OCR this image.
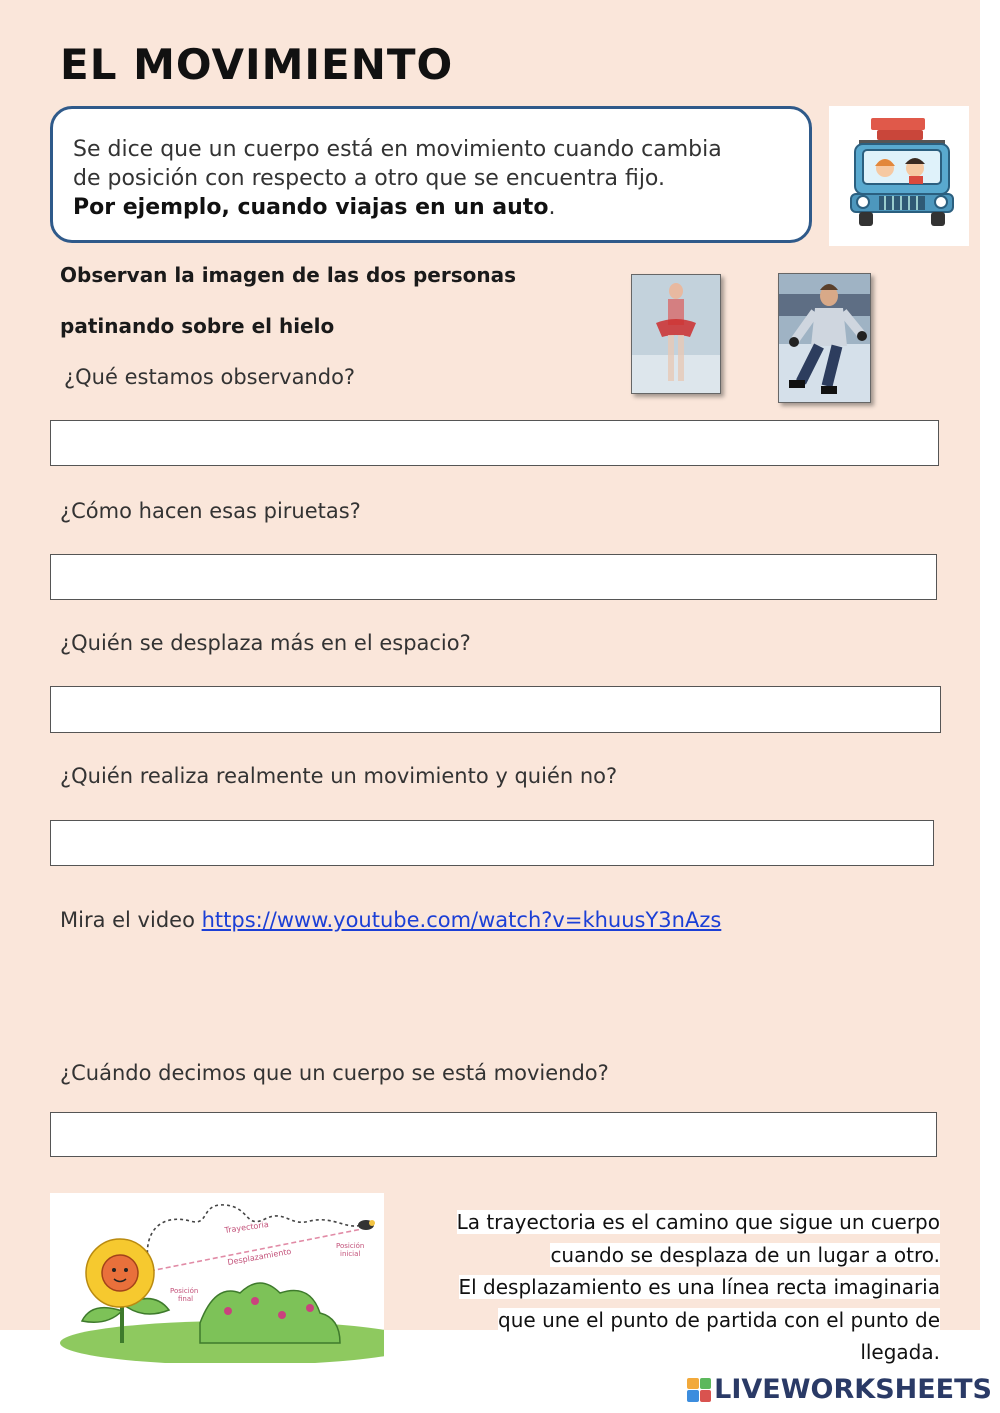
EL MOVIMIENTO
Se dice que un cuerpo está en movimiento cuando cambia
de posición con respecto a otro que se encuentra fijo.
Por ejemplo, cuando viajas en un auto.
Observan la imagen de las dos personas
patinando sobre el hielo
¿Qué estamos observando?
¿Cómo hacen esas piruetas?
¿Quién se desplaza más en el espacio?
¿Quién realiza realmente un movimiento y quién no?
Mira el video https://www.youtube.com/watch?v=khuusY3nAzs
¿Cuándo decimos que un cuerpo se está moviendo?
Trayectoria
Desplazamiento
Posición
inicial
Posición
final
La trayectoria es el camino que sigue un cuerpo
cuando se desplaza de un lugar a otro.
El desplazamiento es una línea recta imaginaria
que une el punto de partida con el punto de
llegada.
LIVEWORKSHEETS
